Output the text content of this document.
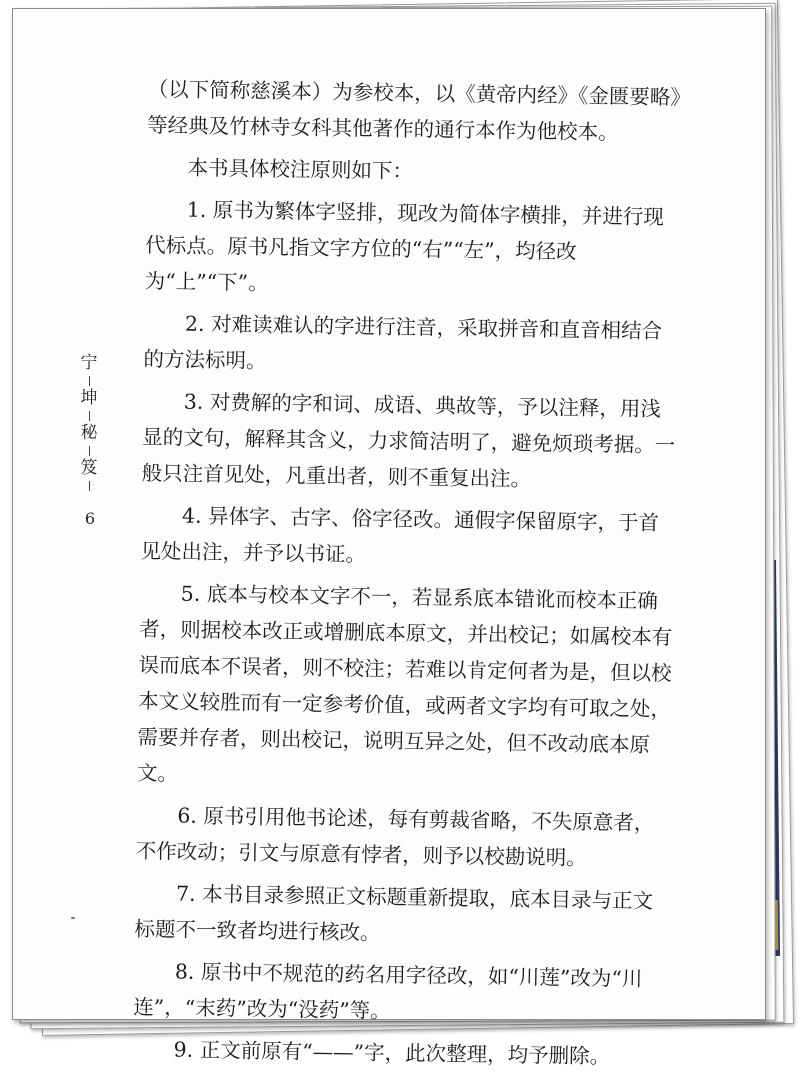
宁
坤
秘
笈
6

（以下简称慈溪本）为参校本，以《黄帝内经》《金匮要略》等经典及竹林寺女科其他著作的通行本作为他校本。

本书具体校注原则如下：

1. 原书为繁体字竖排，现改为简体字横排，并进行现代标点。原书凡指文字方位的“右”“左”，均径改为“上”“下”。

2. 对难读难认的字进行注音，采取拼音和直音相结合的方法标明。

3. 对费解的字和词、成语、典故等，予以注释，用浅显的文句，解释其含义，力求简洁明了，避免烦琐考据。一般只注首见处，凡重出者，则不重复出注。

4. 异体字、古字、俗字径改。通假字保留原字，于首见处出注，并予以书证。

5. 底本与校本文字不一，若显系底本错讹而校本正确者，则据校本改正或增删底本原文，并出校记；如属校本有误而底本不误者，则不校注；若难以肯定何者为是，但以校本文义较胜而有一定参考价值，或两者文字均有可取之处，需要并存者，则出校记，说明互异之处，但不改动底本原文。

6. 原书引用他书论述，每有剪裁省略，不失原意者，不作改动；引文与原意有悖者，则予以校勘说明。

7. 本书目录参照正文标题重新提取，底本目录与正文标题不一致者均进行核改。

8. 原书中不规范的药名用字径改，如“川莲”改为“川连”，“末药”改为“没药”等。

9. 正文前原有“——”字，此次整理，均予删除。
